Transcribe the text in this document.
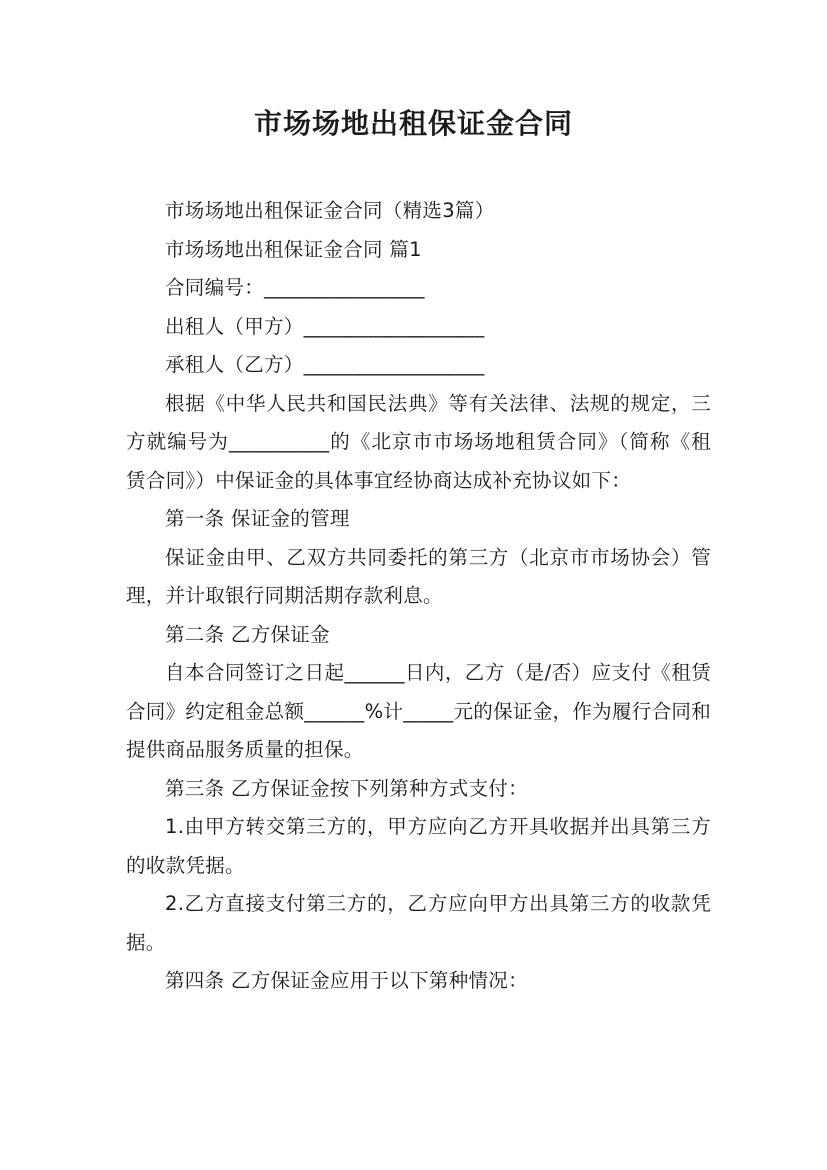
市场场地出租保证金合同

市场场地出租保证金合同（精选3篇）

市场场地出租保证金合同 篇1

合同编号：________________

出租人（甲方）__________________

承租人（乙方）__________________

根据《中华人民共和国民法典》等有关法律、法规的规定，三方就编号为__________的《北京市市场场地租赁合同》（简称《租赁合同》）中保证金的具体事宜经协商达成补充协议如下：

第一条 保证金的管理

保证金由甲、乙双方共同委托的第三方（北京市市场协会）管理，并计取银行同期活期存款利息。

第二条 乙方保证金

自本合同签订之日起______日内，乙方（是/否）应支付《租赁合同》约定租金总额______%计_____元的保证金，作为履行合同和提供商品服务质量的担保。

第三条 乙方保证金按下列第种方式支付：

1.由甲方转交第三方的，甲方应向乙方开具收据并出具第三方的收款凭据。

2.乙方直接支付第三方的，乙方应向甲方出具第三方的收款凭据。

第四条 乙方保证金应用于以下第种情况：
